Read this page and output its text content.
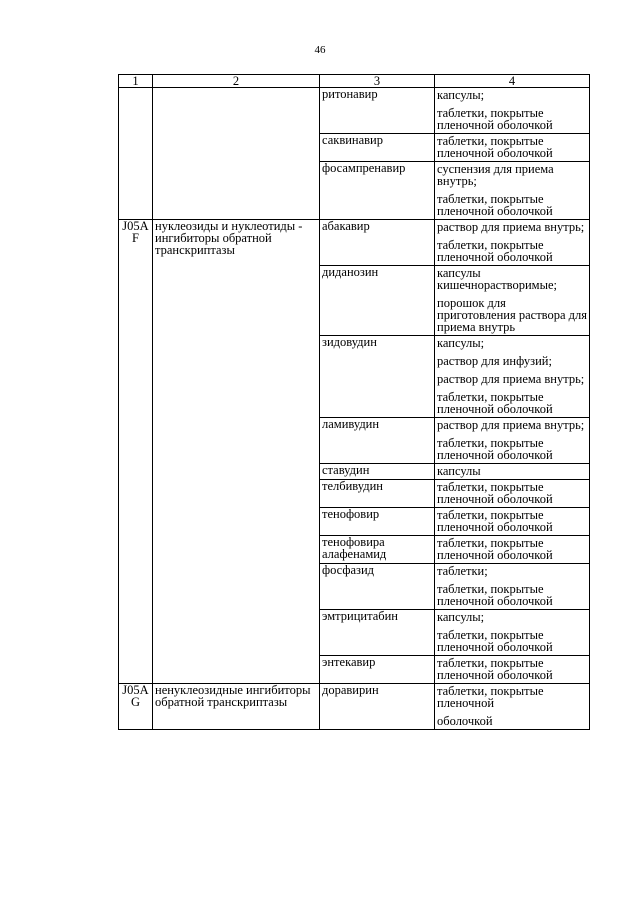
46
1	2	3	4
		ритонавир	капсулы;
таблетки, покрытые пленочной оболочкой

		саквинавир	таблетки, покрытые пленочной оболочкой

		фосампренавир	суспензия для приема внутрь;
таблетки, покрытые пленочной оболочкой

J05A F	нуклеозиды и нуклеотиды - ингибиторы обратной транскриптазы	абакавир	раствор для приема внутрь;
таблетки, покрытые пленочной оболочкой

		диданозин	капсулы кишечнорастворимые;
порошок для приготовления раствора для приема внутрь

		зидовудин	капсулы;
раствор для инфузий;
раствор для приема внутрь;
таблетки, покрытые пленочной оболочкой

		ламивудин	раствор для приема внутрь;
таблетки, покрытые пленочной оболочкой

		ставудин	капсулы

		телбивудин	таблетки, покрытые пленочной оболочкой

		тенофовир	таблетки, покрытые пленочной оболочкой

		тенофовира алафенамид	таблетки, покрытые пленочной оболочкой

		фосфазид	таблетки;
таблетки, покрытые пленочной оболочкой

		эмтрицитабин	капсулы;
таблетки, покрытые пленочной оболочкой

		энтекавир	таблетки, покрытые пленочной оболочкой

J05A G	ненуклеозидные ингибиторы обратной транскриптазы	доравирин	таблетки, покрытые пленочной
оболочкой
